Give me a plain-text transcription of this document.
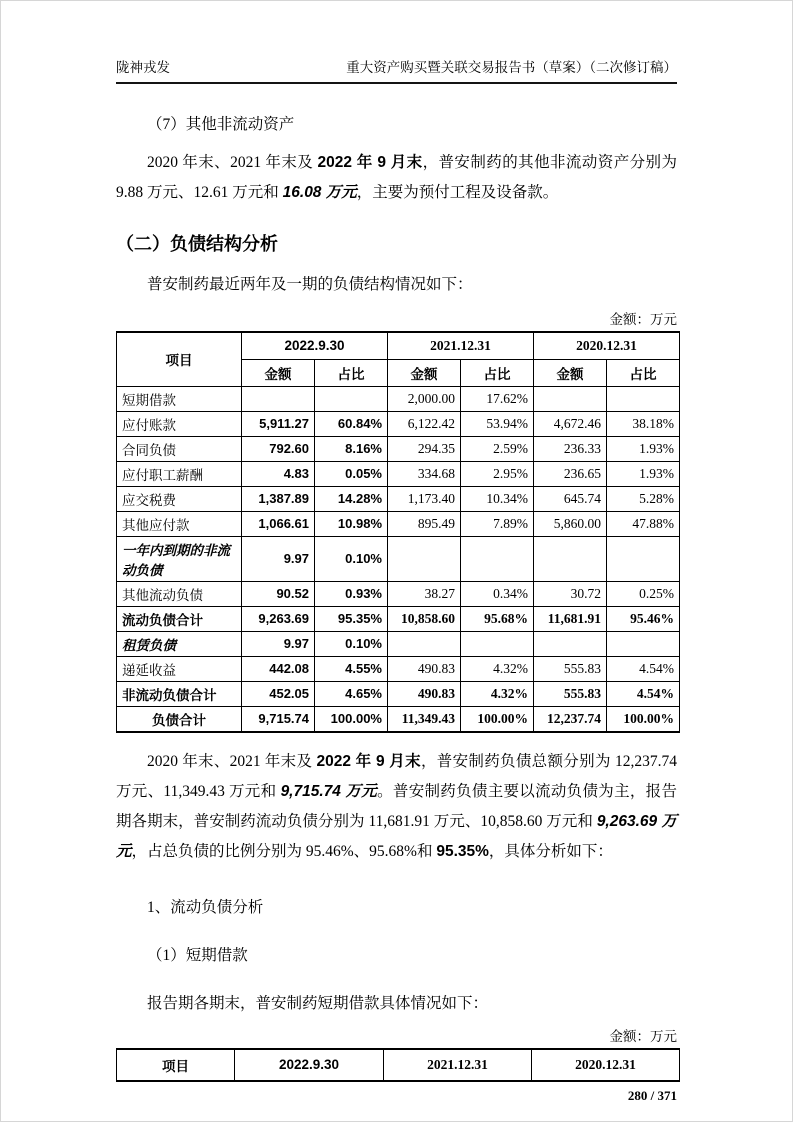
陇神戎发	重大资产购买暨关联交易报告书（草案）（二次修订稿）
（7）其他非流动资产

2020 年末、2021 年末及 2022 年 9 月末，普安制药的其他非流动资产分别为 9.88 万元、12.61 万元和 16.08 万元，主要为预付工程及设备款。

（二）负债结构分析

普安制药最近两年及一期的负债结构情况如下：

金额：万元
项目	2022.9.30		2021.12.31		2020.12.31	
	金额	占比	金额	占比	金额	占比
短期借款			2,000.00	17.62%		
应付账款	5,911.27	60.84%	6,122.42	53.94%	4,672.46	38.18%
合同负债	792.60	8.16%	294.35	2.59%	236.33	1.93%
应付职工薪酬	4.83	0.05%	334.68	2.95%	236.65	1.93%
应交税费	1,387.89	14.28%	1,173.40	10.34%	645.74	5.28%
其他应付款	1,066.61	10.98%	895.49	7.89%	5,860.00	47.88%
一年内到期的非流动负债	9.97	0.10%				
其他流动负债	90.52	0.93%	38.27	0.34%	30.72	0.25%
流动负债合计	9,263.69	95.35%	10,858.60	95.68%	11,681.91	95.46%
租赁负债	9.97	0.10%				
递延收益	442.08	4.55%	490.83	4.32%	555.83	4.54%
非流动负债合计	452.05	4.65%	490.83	4.32%	555.83	4.54%
负债合计	9,715.74	100.00%	11,349.43	100.00%	12,237.74	100.00%

2020 年末、2021 年末及 2022 年 9 月末，普安制药负债总额分别为 12,237.74 万元、11,349.43 万元和 9,715.74 万元。普安制药负债主要以流动负债为主，报告期各期末，普安制药流动负债分别为 11,681.91 万元、10,858.60 万元和 9,263.69 万元，占总负债的比例分别为 95.46%、95.68%和 95.35%，具体分析如下：

1、流动负债分析
（1）短期借款

报告期各期末，普安制药短期借款具体情况如下：

金额：万元
项目	2022.9.30	2021.12.31	2020.12.31
280 / 371
